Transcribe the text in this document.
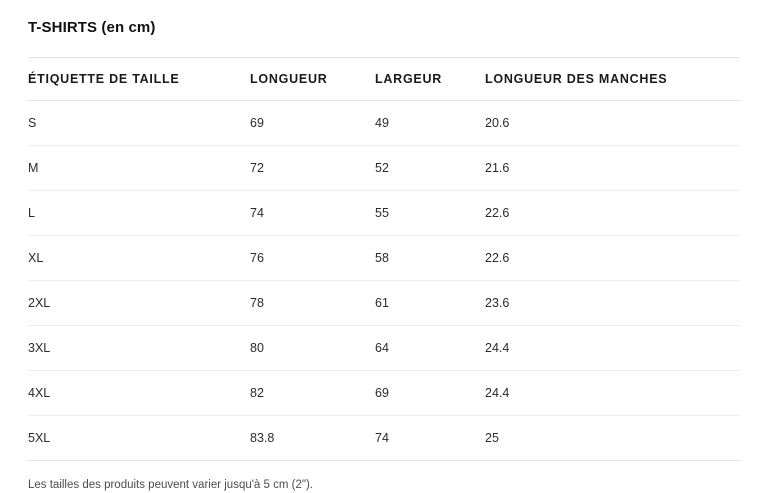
T-SHIRTS (en cm)
ÉTIQUETTE DE TAILLE	LONGUEUR	LARGEUR	LONGUEUR DES MANCHES
S	69	49	20.6
M	72	52	21.6
L	74	55	22.6
XL	76	58	22.6
2XL	78	61	23.6
3XL	80	64	24.4
4XL	82	69	24.4
5XL	83.8	74	25
Les tailles des produits peuvent varier jusqu'à 5 cm (2").
